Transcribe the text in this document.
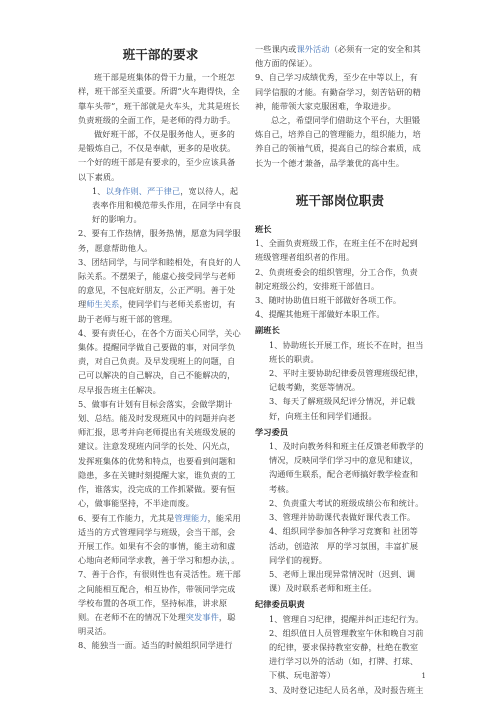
班干部的要求

班干部是班集体的骨干力量，一个班怎样，班干部至关重要。所谓“火车跑得快，全靠车头带”，班干部就是火车头，尤其是班长负责班级的全面工作，是老师的得力助手。

做好班干部，不仅是服务他人，更多的是锻炼自己，不仅是奉献，更多的是收获。一个好的班干部是有要求的，至少应该具备以下素质。

1、以身作则、严于律己，宽以待人，起表率作用和模范带头作用，在同学中有良好的影响力。

2、要有工作热情，服务热情，愿意为同学服务，愿意帮助他人。

3、团结同学，与同学和睦相处，有良好的人际关系。不摆架子，能虚心接受同学与老师的意见，不包庇好朋友，公正严明。善于处理师生关系，使同学们与老师关系密切，有助于老师与班干部的管理。

4、要有责任心，在各个方面关心同学，关心集体。提醒同学做自己要做的事，对同学负责，对自己负责。及早发现班上的问题，自己可以解决的自己解决，自己不能解决的，尽早报告班主任解决。

5、做事有计划有目标会落实，会做学期计划、总结。能及时发现班风中的问题并向老师汇报，思考并向老师提出有关班级发展的建议。注意发现班内同学的长处、闪光点，发挥班集体的优势和特点，也要看到问题和隐患，多在关键时刻提醒大家，谁负责的工作，谁落实，没完成的工作抓紧做。要有恒心，做事能坚持，不半途而废。

6、要有工作能力，尤其是管理能力，能采用适当的方式管理同学与班级，会当干部，会开展工作。如果有不会的事情，能主动和虚心地向老师同学求教，善于学习和想办法，。

7、善于合作，有很则性也有灵活性。班干部之间能相互配合，相互协作，带领同学完成学校布置的各项工作，坚持标准，讲求原则。在老师不在的情况下处理突发事件，聪明灵活。

8、能独当一面。适当的时候组织同学进行

一些课内或课外活动（必须有一定的安全和其他方面的保证）。

9、自己学习成绩优秀，至少在中等以上，有同学信服的才能。有勤奋学习，刻苦钻研的精神，能带领大家克服困难，争取进步。

总之，希望同学们借助这个平台，大胆锻炼自己，培养自己的管理能力，组织能力，培养自己的领袖气质，提高自己的综合素质，成长为一个德才兼备，品学兼优的高中生。

班干部岗位职责
班长

1、全面负责班级工作，在班主任不在时起到班级管理者组织者的作用。

2、负责班委会的组织管理，分工合作，负责制定班级公约，安排班干部值日。

3、随时协助值日班干部做好各项工作。

4、提醒其他班干部做好本职工作。

副班长

1、协助班长开展工作，班长不在时，担当班长的职责。

2、平时主要协助纪律委员管理班级纪律，记载考勤，奖惩等情况。

3、每天了解班级风纪评分情况，并记载好，向班主任和同学们通报。

学习委员

1、及时向教务科和班主任反馈老师教学的情况，反映同学们学习中的意见和建议，沟通师生联系，配合老师搞好教学检查和考核。

2、负责重大考试的班级成绩公布和统计。

3、管理并协助课代表做好课代表工作。

4、组织同学参加各种学习竞赛和 社团等活动，创造浓　厚的学习氛围，丰富扩展同学们的视野。

5、老师上课出现异常情况时（迟到、调课）及时联系老师和班主任。

纪律委员职责

1、管理自习纪律，提醒并纠正违纪行为。

2、组织值日人员管理教室午休和晚自习前的纪律，要求保持教室安静，杜绝在教室进行学习以外的活动（如，打牌、打球、下棋、玩电游等）

3、及时登记违纪人员名单，及时报告班主

1
